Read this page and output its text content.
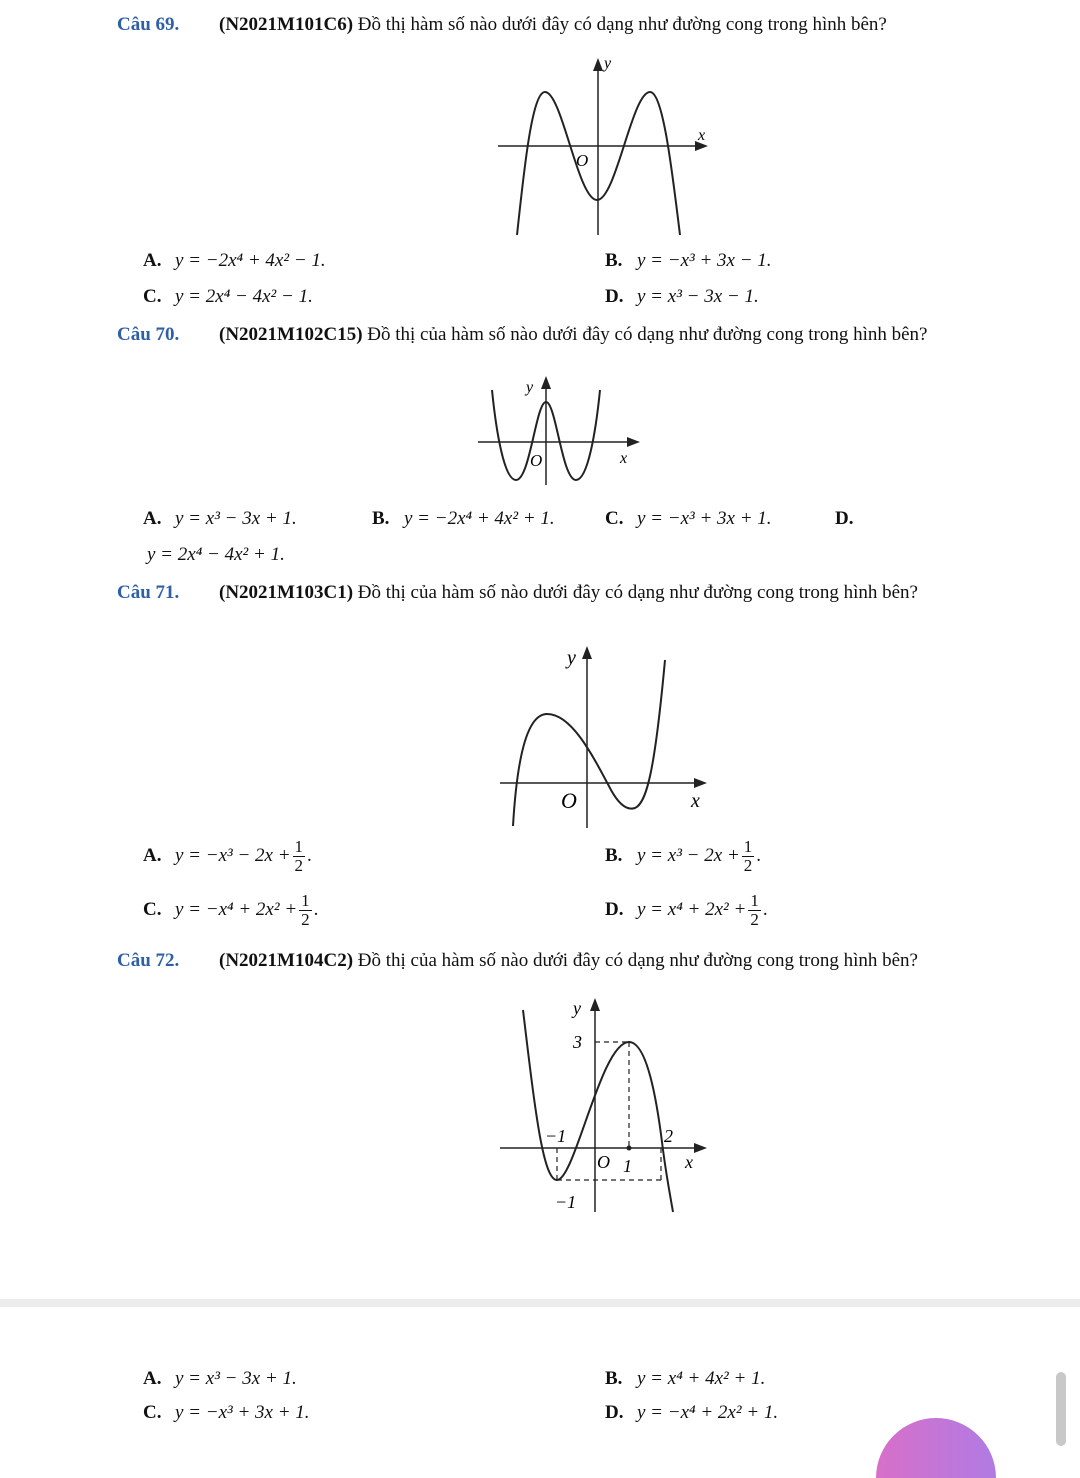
Câu 69. (N2021M101C6) Đồ thị hàm số nào dưới đây có dạng như đường cong trong hình bên?
y
x
O
A. y = −2x⁴ + 4x² − 1.	B. y = −x³ + 3x − 1.
C. y = 2x⁴ − 4x² − 1.	D. y = x³ − 3x − 1.
Câu 70. (N2021M102C15) Đồ thị của hàm số nào dưới đây có dạng như đường cong trong hình bên?
y
x
O
A. y = x³ − 3x + 1.	B. y = −2x⁴ + 4x² + 1.	C. y = −x³ + 3x + 1.	D.
y = 2x⁴ − 4x² + 1.
Câu 71. (N2021M103C1) Đồ thị của hàm số nào dưới đây có dạng như đường cong trong hình bên?
y
x
O
A. $y = -x^3 - 2x + \frac{1}{2}$ .	B. $y = x^3 - 2x + \frac{1}{2}$ .
C. $y = -x^4 + 2x^2 + \frac{1}{2}$ .	D. $y = x^4 + 2x^2 + \frac{1}{2}$ .
Câu 72. (N2021M104C2) Đồ thị của hàm số nào dưới đây có dạng như đường cong trong hình bên?
y
x
O
3
−1
−1
1
2
A. y = x³ − 3x + 1.	B. y = x⁴ + 4x² + 1.
C. y = −x³ + 3x + 1.	D. y = −x⁴ + 2x² + 1.
